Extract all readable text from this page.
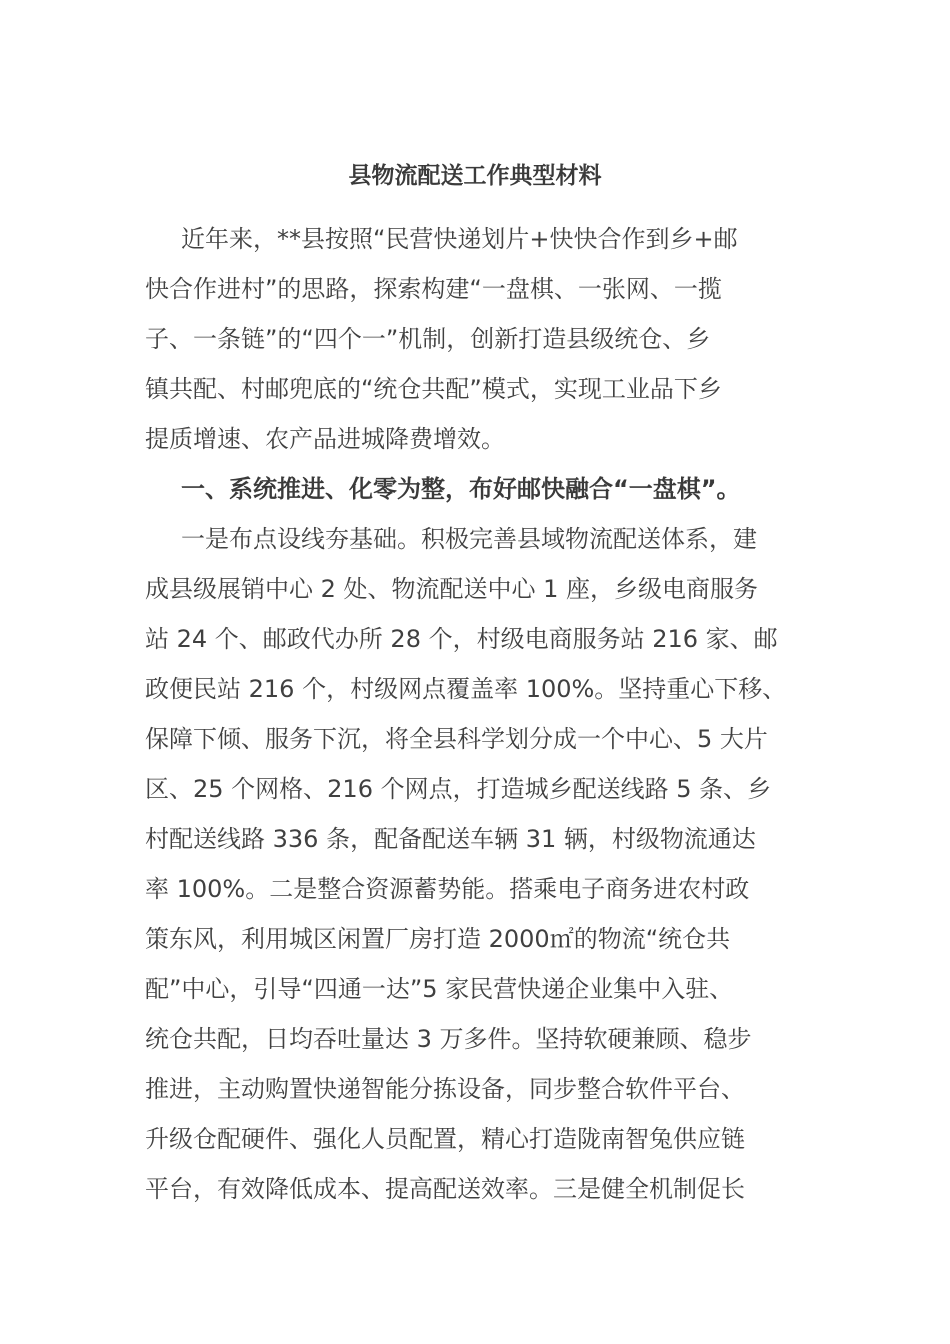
县物流配送工作典型材料

近年来，**县按照“民营快递划片+快快合作到乡+邮
快合作进村”的思路，探索构建“一盘棋、一张网、一揽
子、一条链”的“四个一”机制，创新打造县级统仓、乡
镇共配、村邮兜底的“统仓共配”模式，实现工业品下乡
提质增速、农产品进城降费增效。

一、系统推进、化零为整，布好邮快融合“一盘棋”。

一是布点设线夯基础。积极完善县域物流配送体系，建
成县级展销中心 2 处、物流配送中心 1 座，乡级电商服务
站 24 个、邮政代办所 28 个，村级电商服务站 216 家、邮
政便民站 216 个，村级网点覆盖率 100%。坚持重心下移、
保障下倾、服务下沉，将全县科学划分成一个中心、5 大片
区、25 个网格、216 个网点，打造城乡配送线路 5 条、乡
村配送线路 336 条，配备配送车辆 31 辆，村级物流通达
率 100%。二是整合资源蓄势能。搭乘电子商务进农村政
策东风，利用城区闲置厂房打造 2000㎡的物流“统仓共
配”中心，引导“四通一达”5 家民营快递企业集中入驻、
统仓共配，日均吞吐量达 3 万多件。坚持软硬兼顾、稳步
推进，主动购置快递智能分拣设备，同步整合软件平台、
升级仓配硬件、强化人员配置，精心打造陇南智兔供应链
平台，有效降低成本、提高配送效率。三是健全机制促长
